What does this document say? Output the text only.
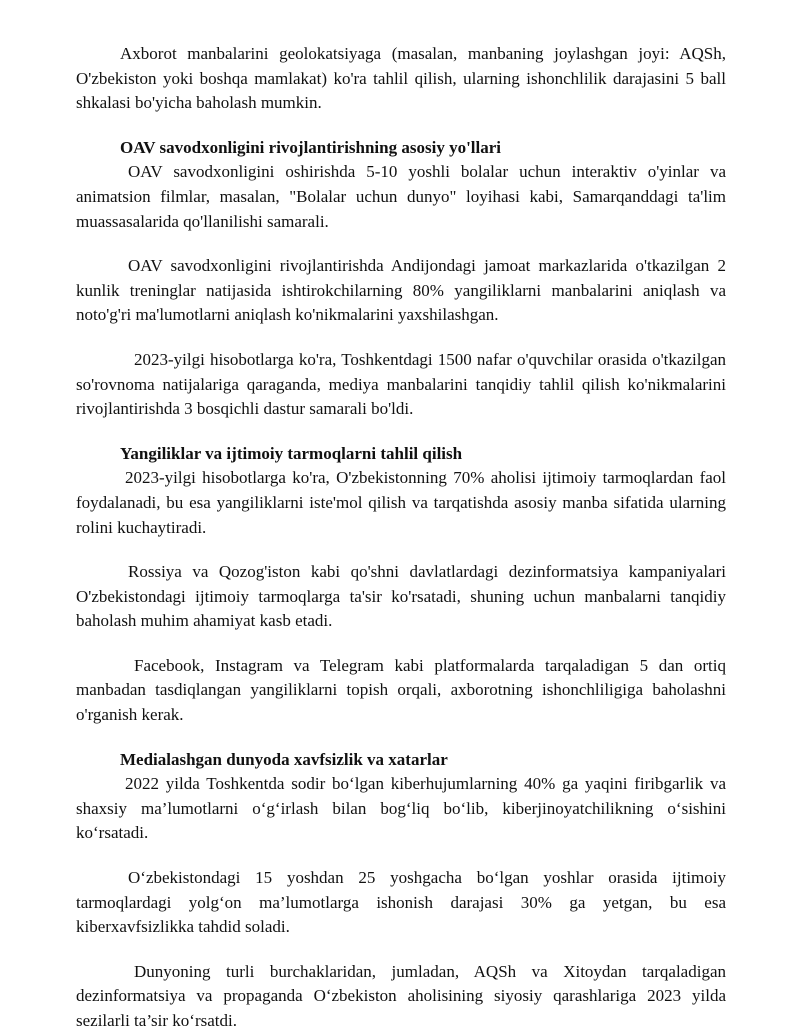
Axborot manbalarini geolokatsiyaga (masalan, manbaning joylashgan joyi: AQSh, O'zbekiston yoki boshqa mamlakat) ko'ra tahlil qilish, ularning ishonchlilik darajasini 5 ball shkalasi bo'yicha baholash mumkin.

OAV savodxonligini rivojlantirishning asosiy yo'llari

OAV savodxonligini oshirishda 5-10 yoshli bolalar uchun interaktiv o'yinlar va animatsion filmlar, masalan, "Bolalar uchun dunyo" loyihasi kabi, Samarqanddagi ta'lim muassasalarida qo'llanilishi samarali.

OAV savodxonligini rivojlantirishda Andijondagi jamoat markazlarida o'tkazilgan 2 kunlik treninglar natijasida ishtirokchilarning 80% yangiliklarni manbalarini aniqlash va noto'g'ri ma'lumotlarni aniqlash ko'nikmalarini yaxshilashgan.

2023-yilgi hisobotlarga ko'ra, Toshkentdagi 1500 nafar o'quvchilar orasida o'tkazilgan so'rovnoma natijalariga qaraganda, mediya manbalarini tanqidiy tahlil qilish ko'nikmalarini rivojlantirishda 3 bosqichli dastur samarali bo'ldi.

Yangiliklar va ijtimoiy tarmoqlarni tahlil qilish

2023-yilgi hisobotlarga ko'ra, O'zbekistonning 70% aholisi ijtimoiy tarmoqlardan faol foydalanadi, bu esa yangiliklarni iste'mol qilish va tarqatishda asosiy manba sifatida ularning rolini kuchaytiradi.

Rossiya va Qozog'iston kabi qo'shni davlatlardagi dezinformatsiya kampaniyalari O'zbekistondagi ijtimoiy tarmoqlarga ta'sir ko'rsatadi, shuning uchun manbalarni tanqidiy baholash muhim ahamiyat kasb etadi.

Facebook, Instagram va Telegram kabi platformalarda tarqaladigan 5 dan ortiq manbadan tasdiqlangan yangiliklarni topish orqali, axborotning ishonchliligiga baholashni o'rganish kerak.

Medialashgan dunyoda xavfsizlik va xatarlar

2022 yilda Toshkentda sodir bo‘lgan kiberhujumlarning 40% ga yaqini firibgarlik va shaxsiy ma’lumotlarni o‘g‘irlash bilan bog‘liq bo‘lib, kiberjinoyatchilikning o‘sishini ko‘rsatadi.

O‘zbekistondagi 15 yoshdan 25 yoshgacha bo‘lgan yoshlar orasida ijtimoiy tarmoqlardagi yolg‘on ma’lumotlarga ishonish darajasi 30% ga yetgan, bu esa kiberxavfsizlikka tahdid soladi.

Dunyoning turli burchaklaridan, jumladan, AQSh va Xitoydan tarqaladigan dezinformatsiya va propaganda O‘zbekiston aholisining siyosiy qarashlariga 2023 yilda sezilarli ta’sir ko‘rsatdi.
